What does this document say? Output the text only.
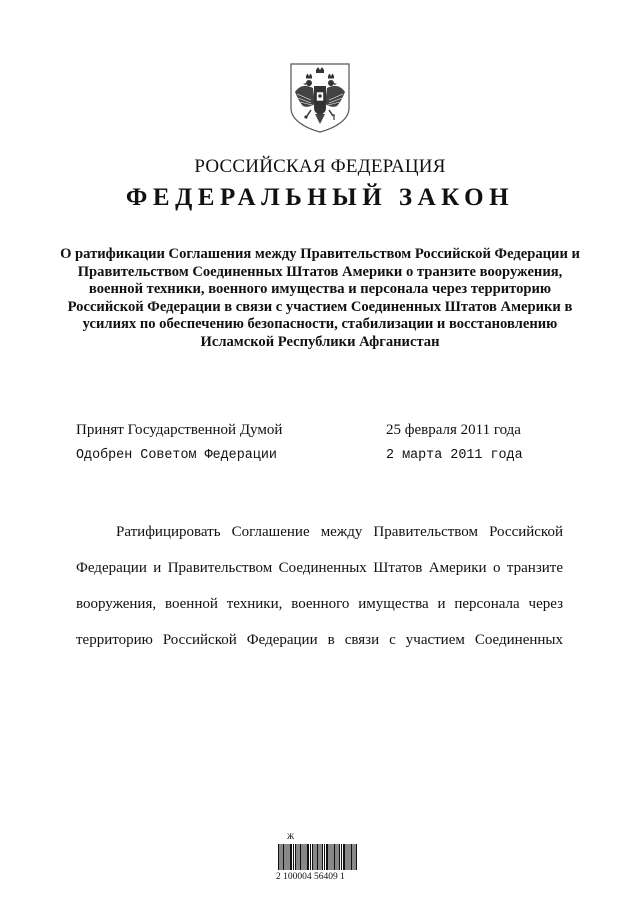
РОССИЙСКАЯ ФЕДЕРАЦИЯ
ФЕДЕРАЛЬНЫЙ ЗАКОН
О ратификации Соглашения между Правительством Российской Федерации и Правительством Соединенных Штатов Америки о транзите вооружения, военной техники, военного имущества и персонала через территорию Российской Федерации в связи с участием Соединенных Штатов Америки в усилиях по обеспечению безопасности, стабилизации и восстановлению Исламской Республики Афганистан
Принят Государственной Думой	25 февраля 2011 года
Одобрен Советом Федерации	2 марта 2011 года
Ратифицировать Соглашение между Правительством Российской Федерации и Правительством Соединенных Штатов Америки о транзите вооружения, военной техники, военного имущества и персонала через территорию Российской Федерации в связи с участием Соединенных
Ж
2 100004 56409 1
